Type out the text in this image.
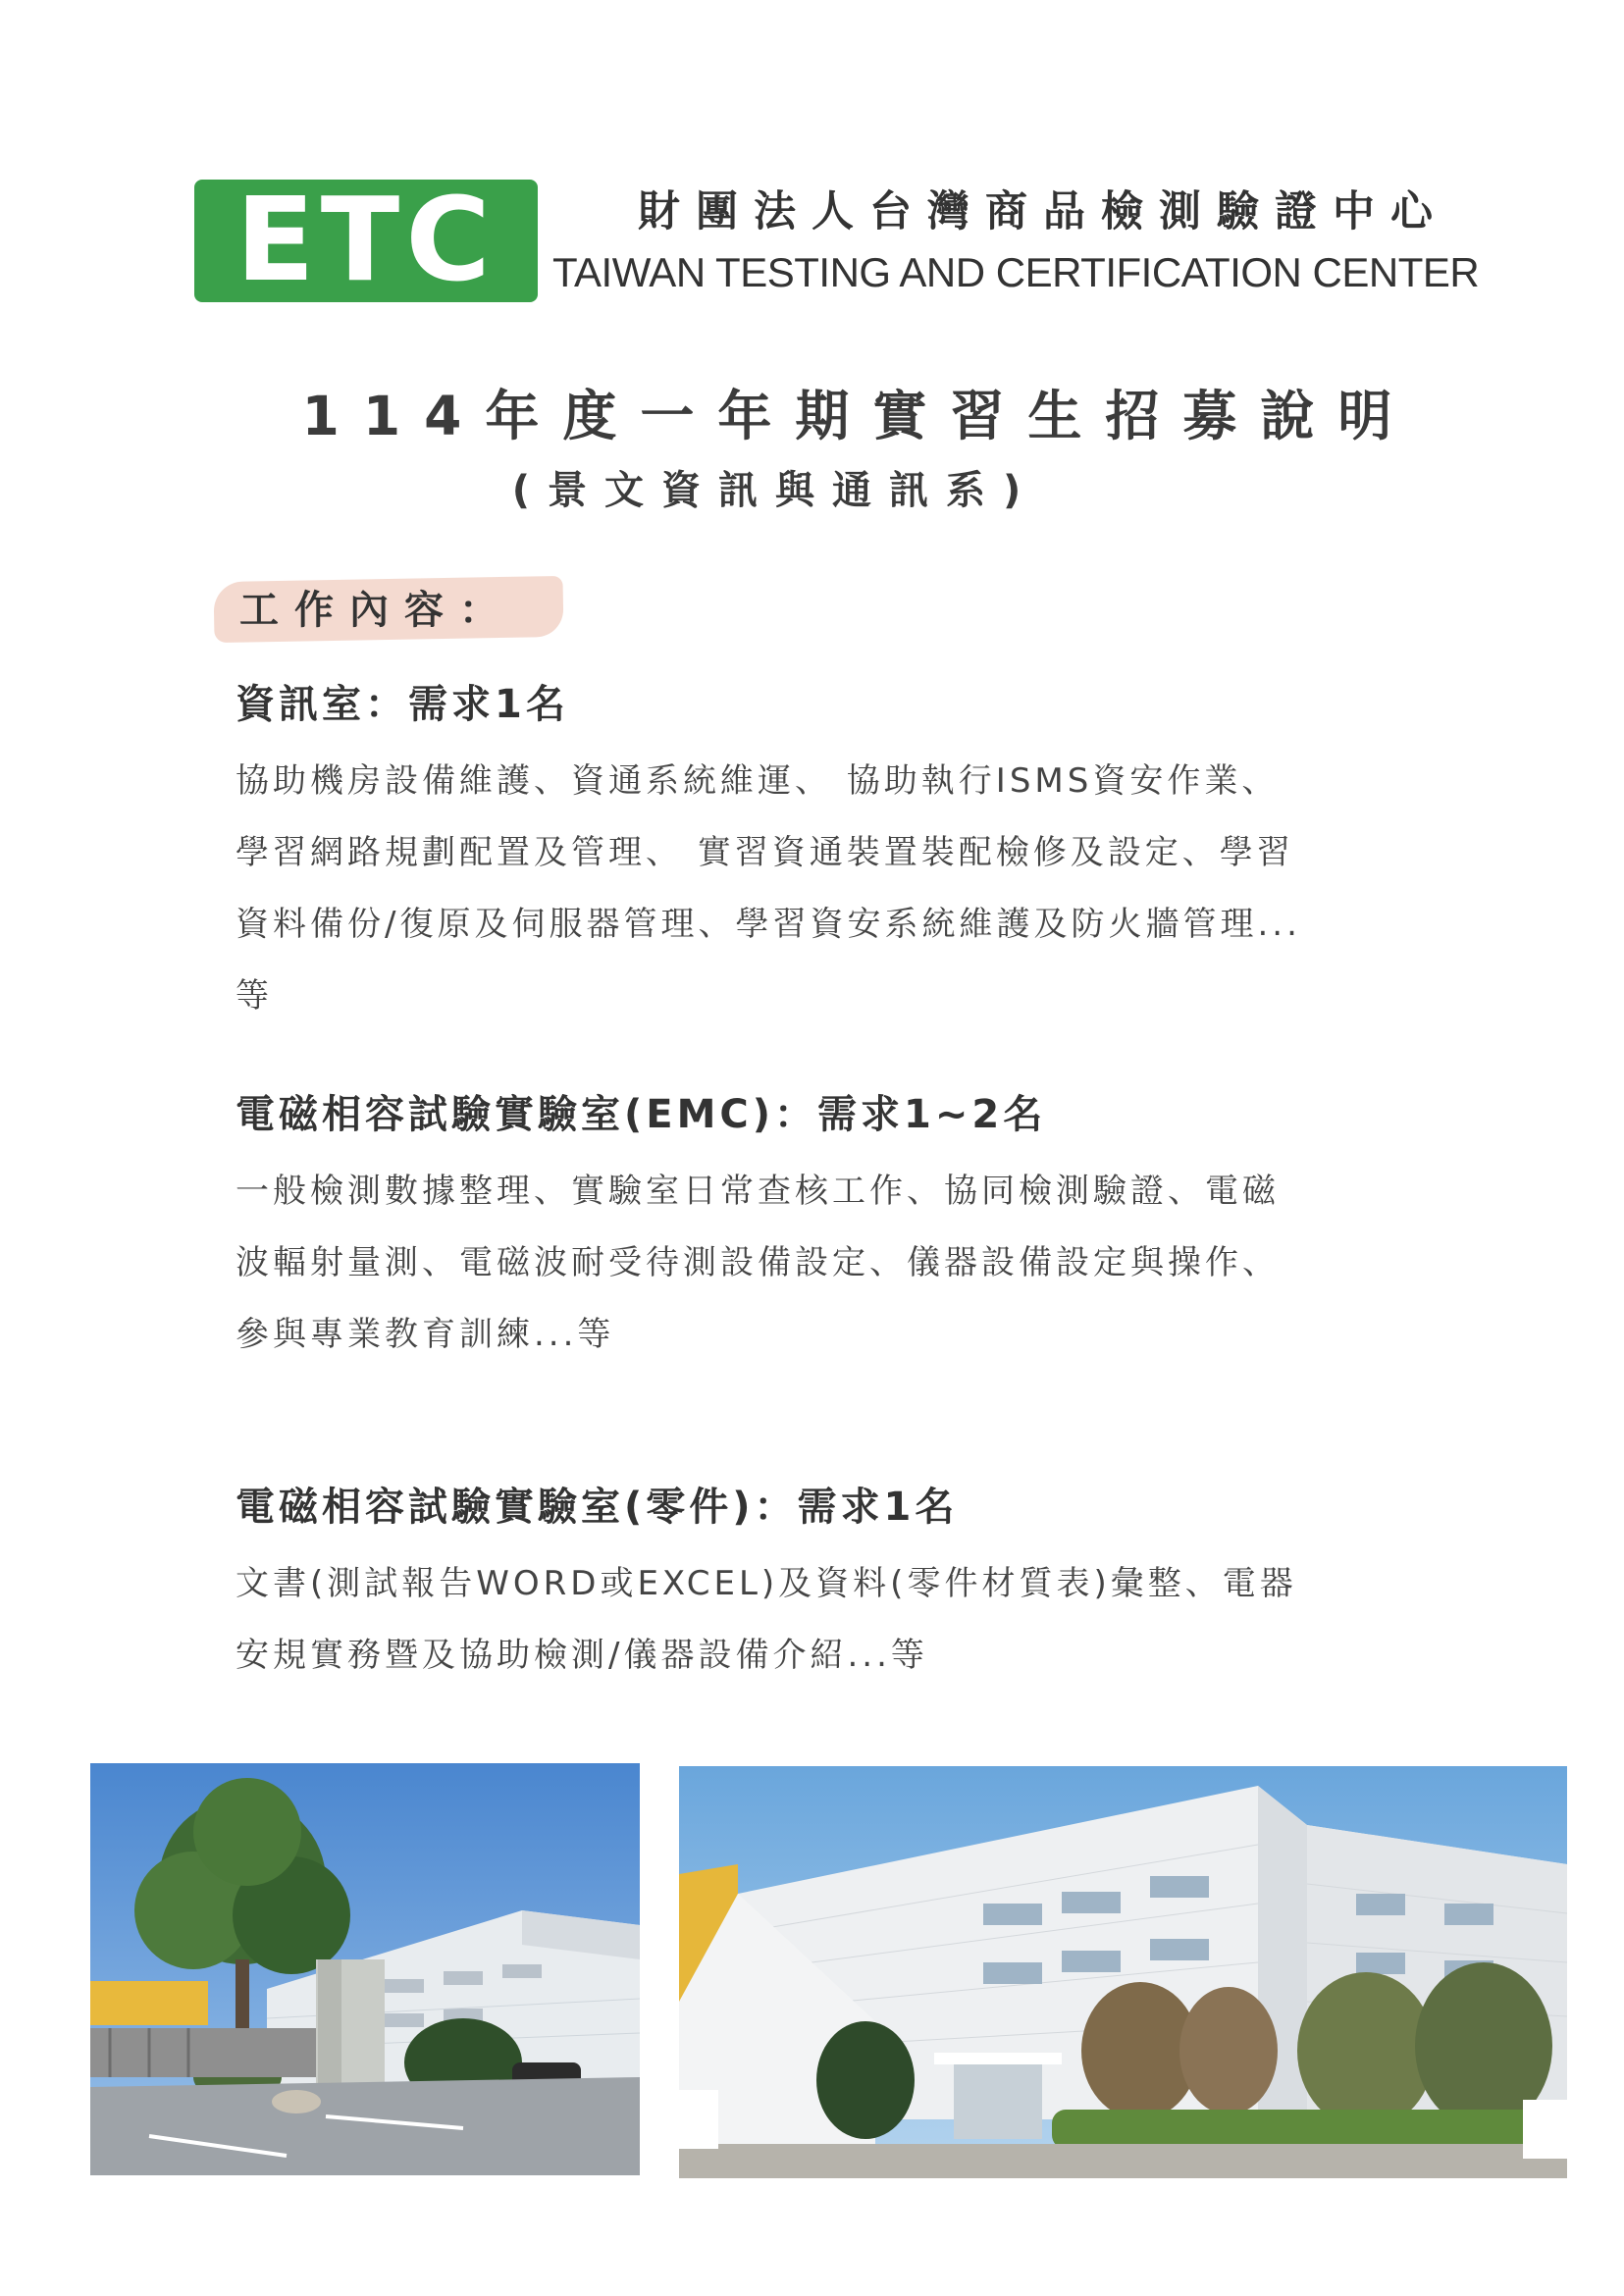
ETC	財團法人台灣商品檢測驗證中心
TAIWAN TESTING AND CERTIFICATION CENTER
114年度一年期實習生招募說明
(景文資訊與通訊系)
工作內容：
資訊室：需求1名
協助機房設備維護、資通系統維運、 協助執行ISMS資安作業、
學習網路規劃配置及管理、 實習資通裝置裝配檢修及設定、學習
資料備份/復原及伺服器管理、學習資安系統維護及防火牆管理...
等
電磁相容試驗實驗室(EMC)：需求1~2名
一般檢測數據整理、實驗室日常查核工作、協同檢測驗證、電磁
波輻射量測、電磁波耐受待測設備設定、儀器設備設定與操作、
參與專業教育訓練...等
電磁相容試驗實驗室(零件)：需求1名
文書(測試報告WORD或EXCEL)及資料(零件材質表)彙整、電器
安規實務暨及協助檢測/儀器設備介紹...等
